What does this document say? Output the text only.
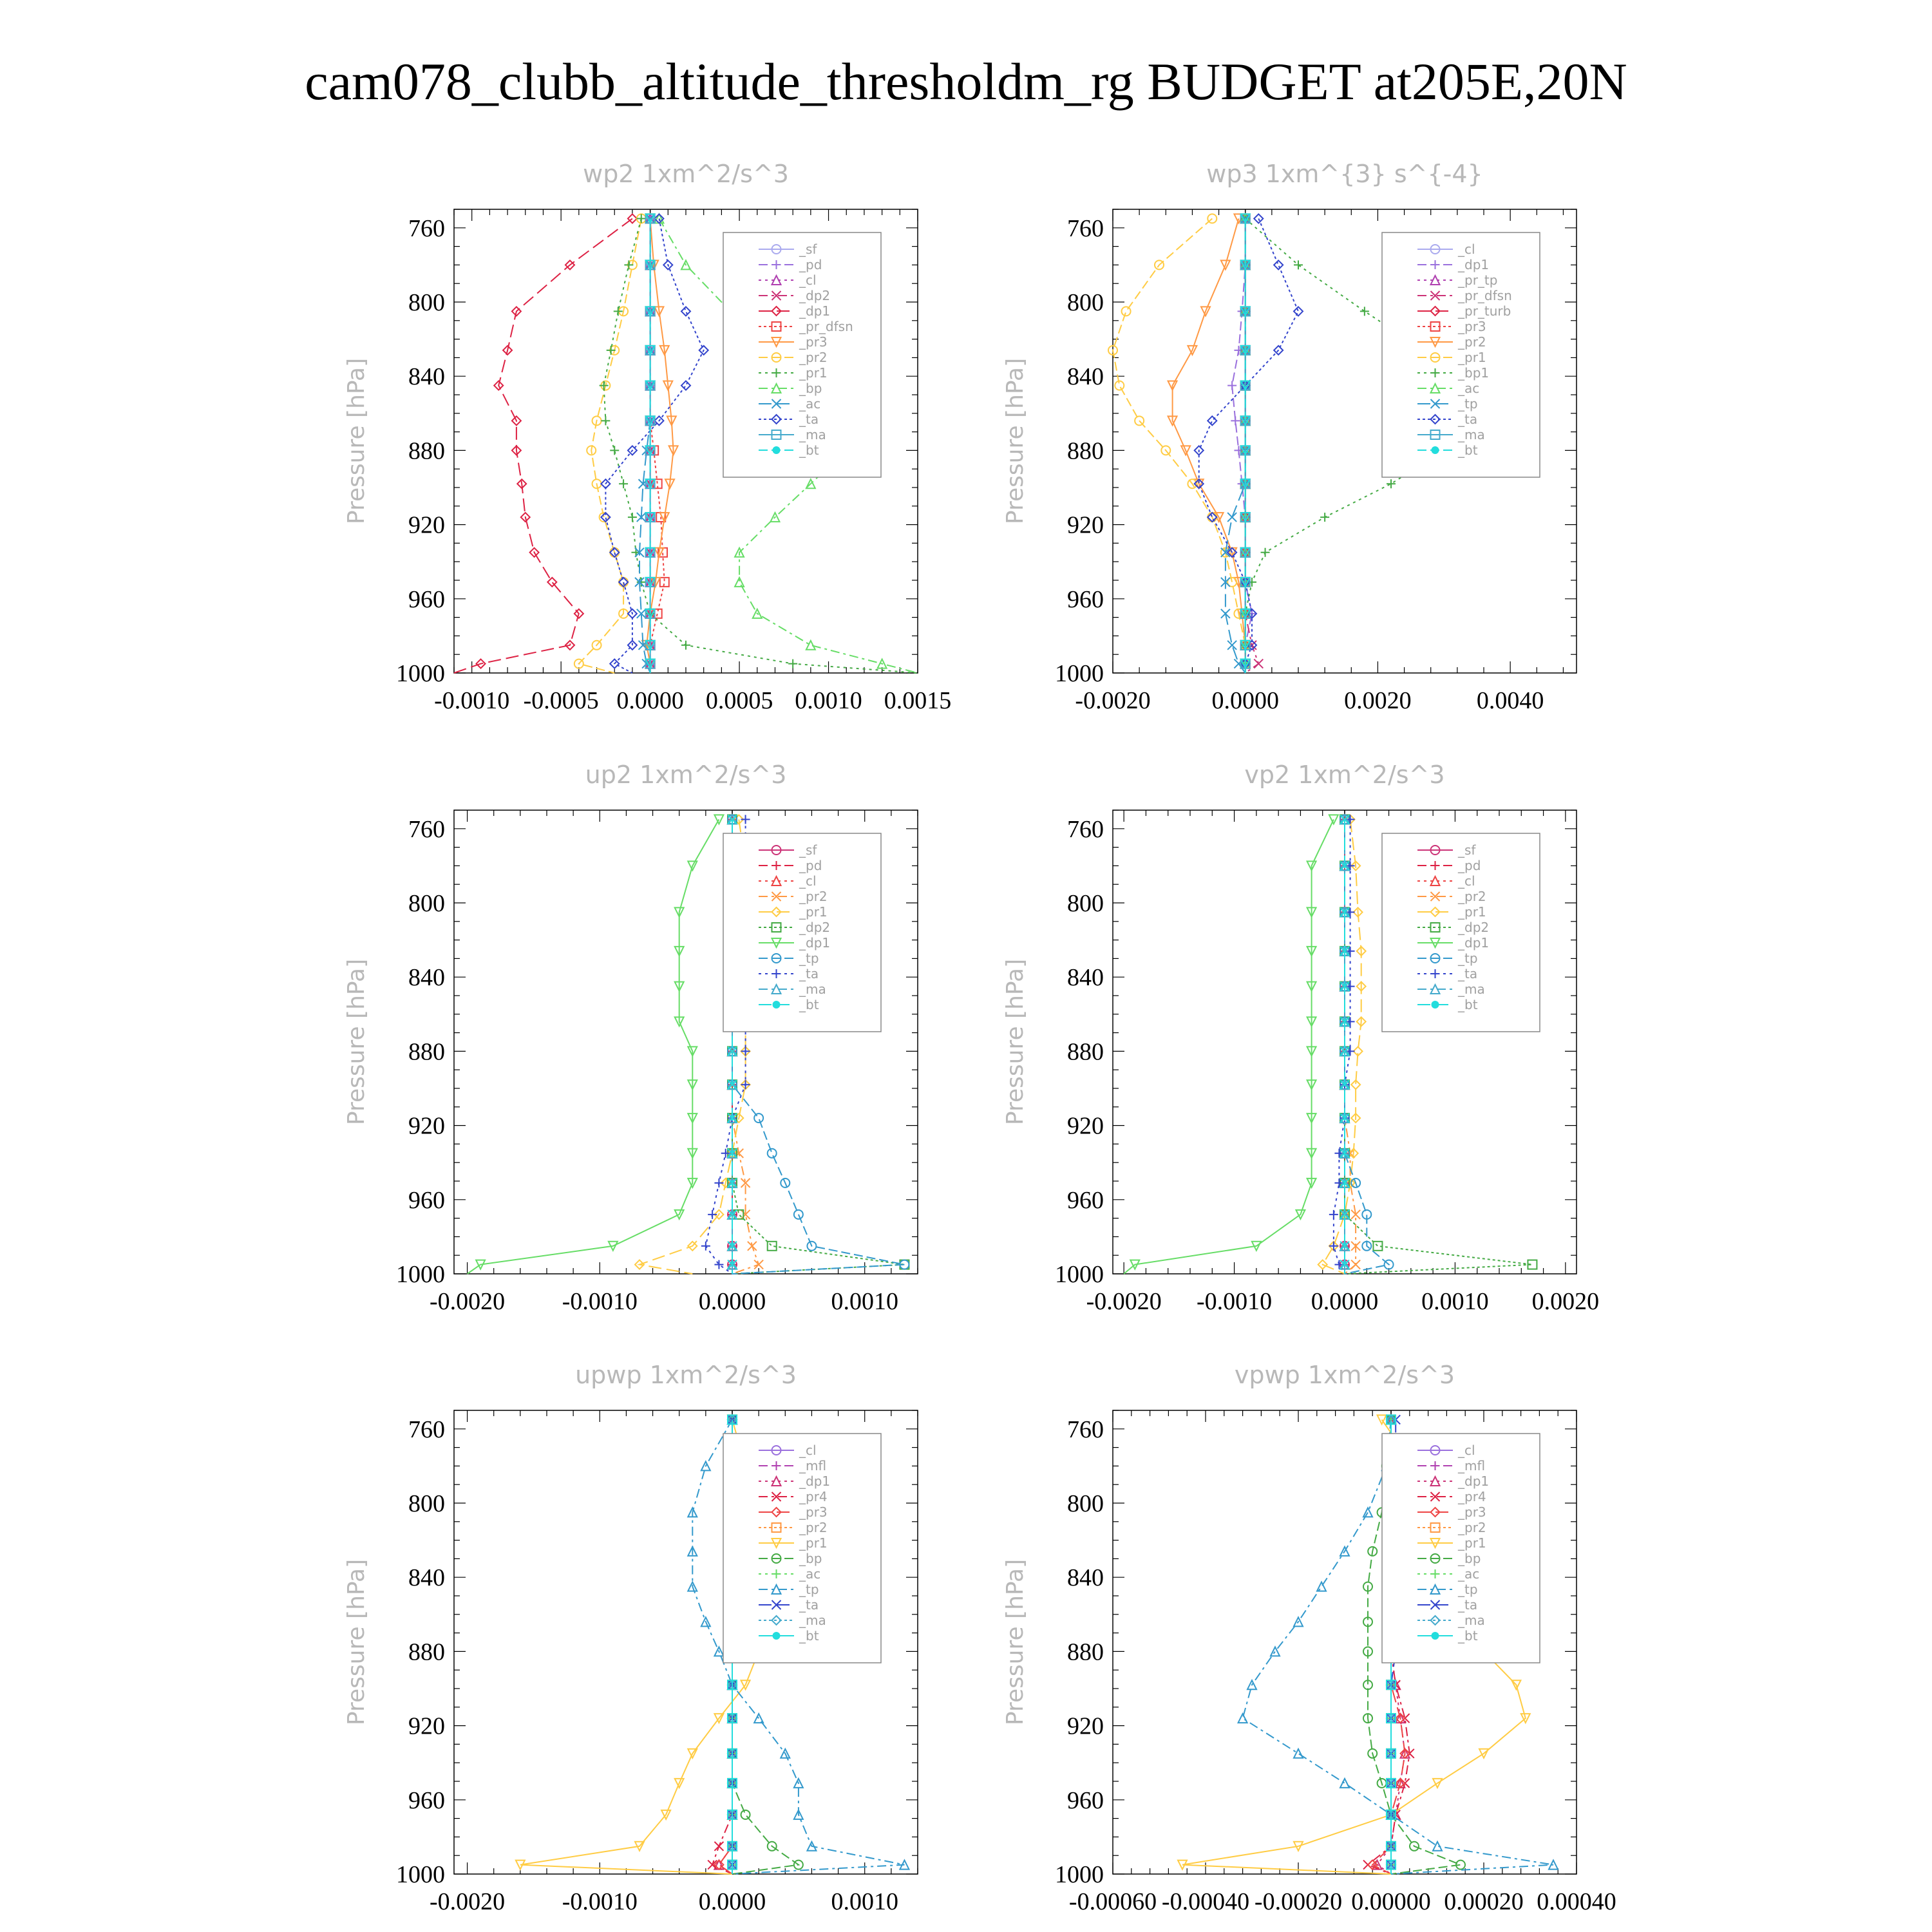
cam078_clubb_altitude_thresholdm_rg BUDGET at205E,20N
wp2 1xm^2/s^3
Pressure [hPa]
760
800
840
880
920
960
1000
-0.0010 -0.0005 0.0000 0.0005 0.0010 0.0015
_sf
_pd
_cl
_dp2
_dp1
_pr_dfsn
_pr3
_pr2
_pr1
_bp
_ac
_ta
_ma
_bt
wp3 1xm^{3} s^{-4}
Pressure [hPa]
760
800
840
880
920
960
1000
-0.0020 0.0000	0.0020	0.0040
_cl
_dp1
_pr_tp
_pr_dfsn
_pr_turb
_pr3
_pr2
_pr1
_bp1
_ac
_tp
_ta
_ma
_bt
up2 1xm^2/s^3
Pressure [hPa]
760
800
840
880
920
960
1000
-0.0020 -0.0010 0.0000	0.0010
_sf
_pd
_cl
_pr2
_pr1
_dp2
_dp1
_tp
_ta
_ma
_bt
vp2 1xm^2/s^3
Pressure [hPa]
760
800
840
880
920
960
1000
-0.0020 -0.0010 0.0000 0.0010 0.0020
_sf
_pd
_cl
_pr2
_pr1
_dp2
_dp1
_tp
_ta
_ma
_bt
upwp 1xm^2/s^3
Pressure [hPa]
760
800
840
880
920
960
1000
-0.0020 -0.0010 0.0000	0.0010
_cl
_mfl
_dp1
_pr4
_pr3
_pr2
_pr1
_bp
_ac
_tp
_ta
_ma
_bt
vpwp 1xm^2/s^3
Pressure [hPa]
760
800
840
880
920
960
1000
-0.00060 -0.00040 -0.00020 0.00000 0.00020 0.00040
_cl
_mfl
_dp1
_pr4
_pr3
_pr2
_pr1
_bp
_ac
_tp
_ta
_ma
_bt
